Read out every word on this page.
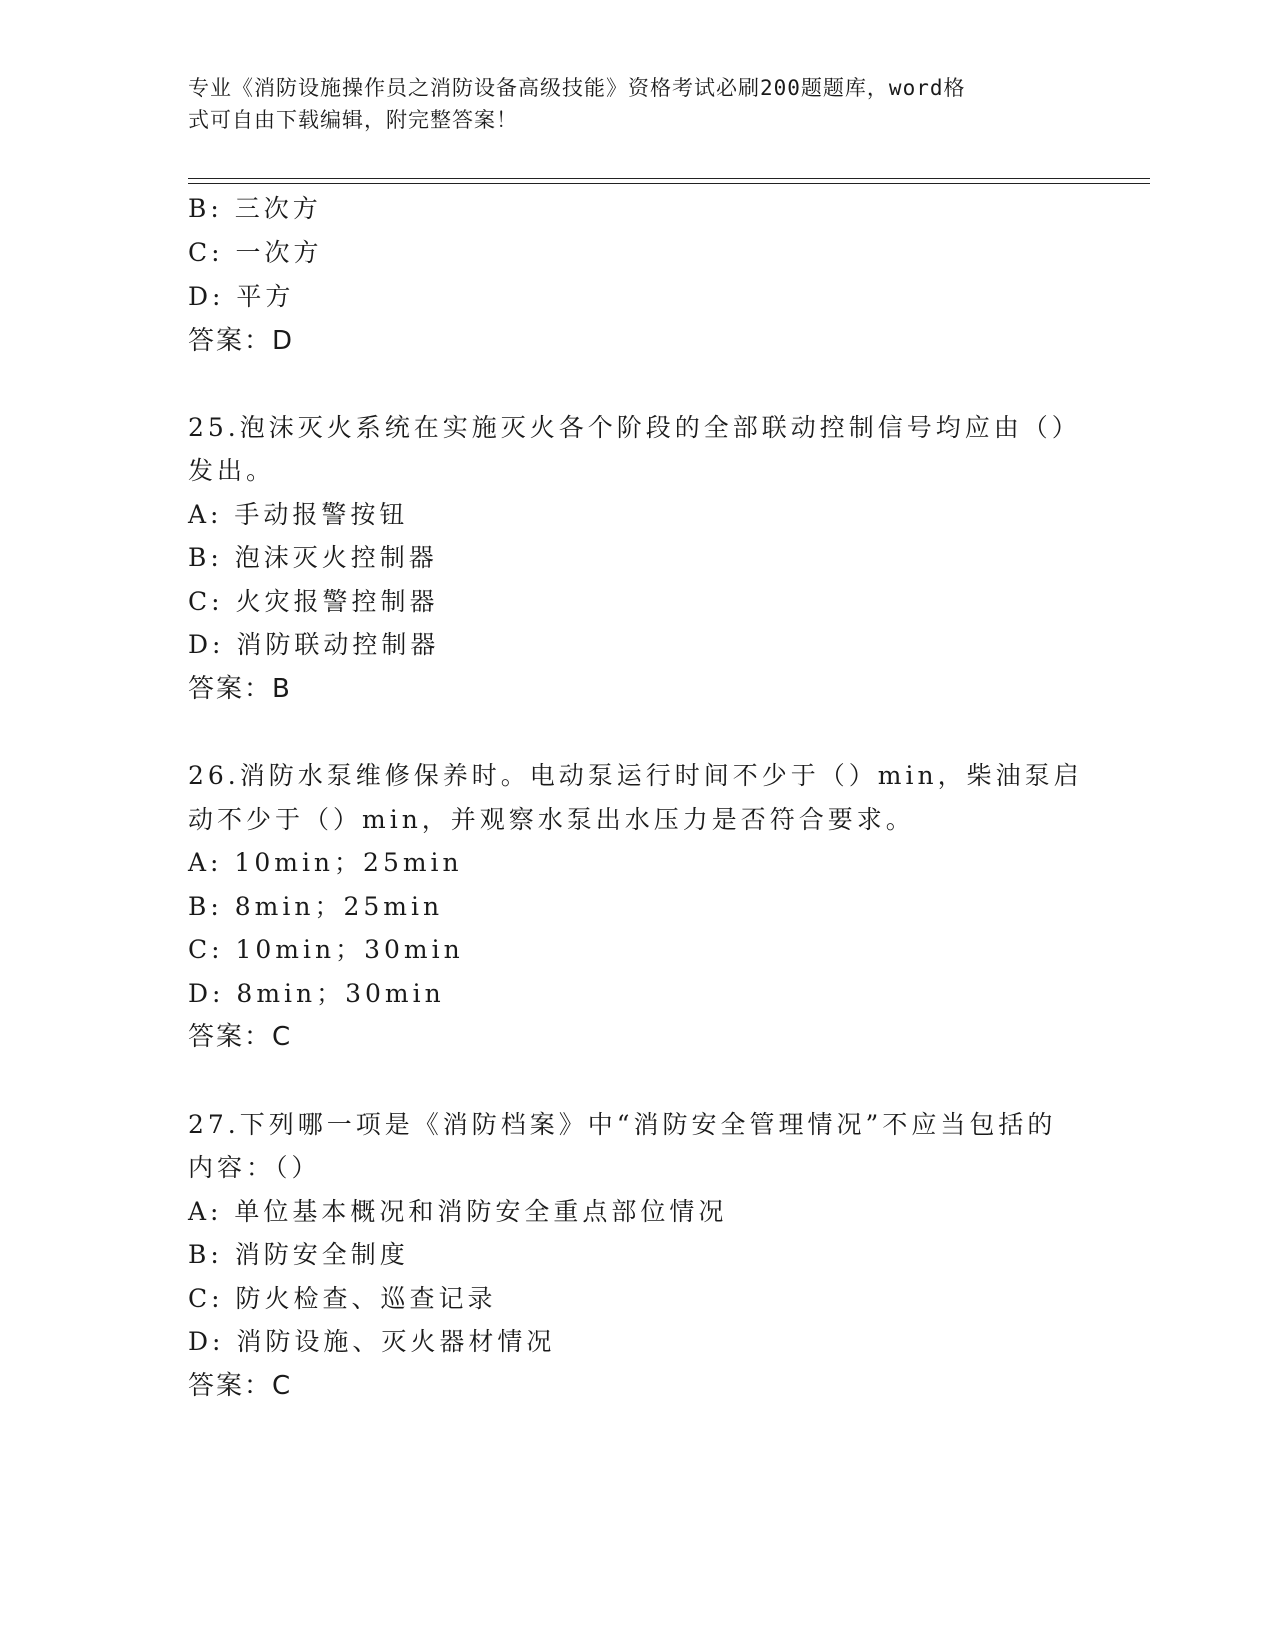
专业《消防设施操作员之消防设备高级技能》资格考试必刷200题题库，word格
式可自由下载编辑，附完整答案！
B: 三次方
C: 一次方
D: 平方
答案：D
25.泡沫灭火系统在实施灭火各个阶段的全部联动控制信号均应由（）
发出。
A: 手动报警按钮
B: 泡沫灭火控制器
C: 火灾报警控制器
D: 消防联动控制器
答案：B
26.消防水泵维修保养时。电动泵运行时间不少于（）min，柴油泵启
动不少于（）min，并观察水泵出水压力是否符合要求。
A: 10min；25min
B: 8min；25min
C: 10min；30min
D: 8min；30min
答案：C
27.下列哪一项是《消防档案》中“消防安全管理情况”不应当包括的
内容：（）
A: 单位基本概况和消防安全重点部位情况
B: 消防安全制度
C: 防火检查、巡查记录
D: 消防设施、灭火器材情况
答案：C
